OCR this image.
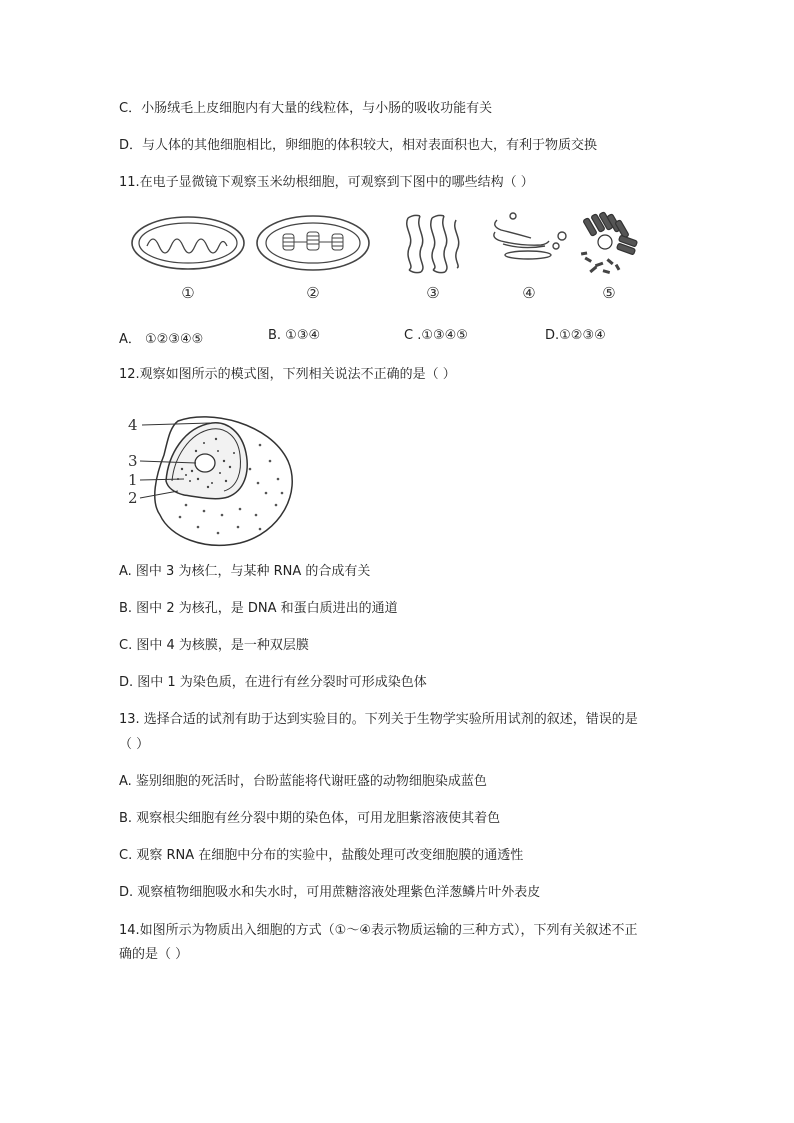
C．小肠绒毛上皮细胞内有大量的线粒体，与小肠的吸收功能有关
D．与人体的其他细胞相比，卵细胞的体积较大，相对表面积也大，有利于物质交换
11.在电子显微镜下观察玉米幼根细胞，可观察到下图中的哪些结构（ ）
①	②	③	④	⑤
A． ①②③④⑤	B. ①③④	C .①③④⑤	D.①②③④
12.观察如图所示的模式图，下列相关说法不正确的是（ ）
4
3
1
2
A. 图中 3 为核仁，与某种 RNA 的合成有关
B. 图中 2 为核孔，是 DNA 和蛋白质进出的通道
C. 图中 4 为核膜，是一种双层膜
D. 图中 1 为染色质，在进行有丝分裂时可形成染色体
13. 选择合适的试剂有助于达到实验目的。下列关于生物学实验所用试剂的叙述，错误的是
（ ）
A. 鉴别细胞的死活时，台盼蓝能将代谢旺盛的动物细胞染成蓝色
B. 观察根尖细胞有丝分裂中期的染色体，可用龙胆紫溶液使其着色
C. 观察 RNA 在细胞中分布的实验中，盐酸处理可改变细胞膜的通透性
D. 观察植物细胞吸水和失水时，可用蔗糖溶液处理紫色洋葱鳞片叶外表皮
14.如图所示为物质出入细胞的方式（①～④表示物质运输的三种方式），下列有关叙述不正
确的是（ ）
